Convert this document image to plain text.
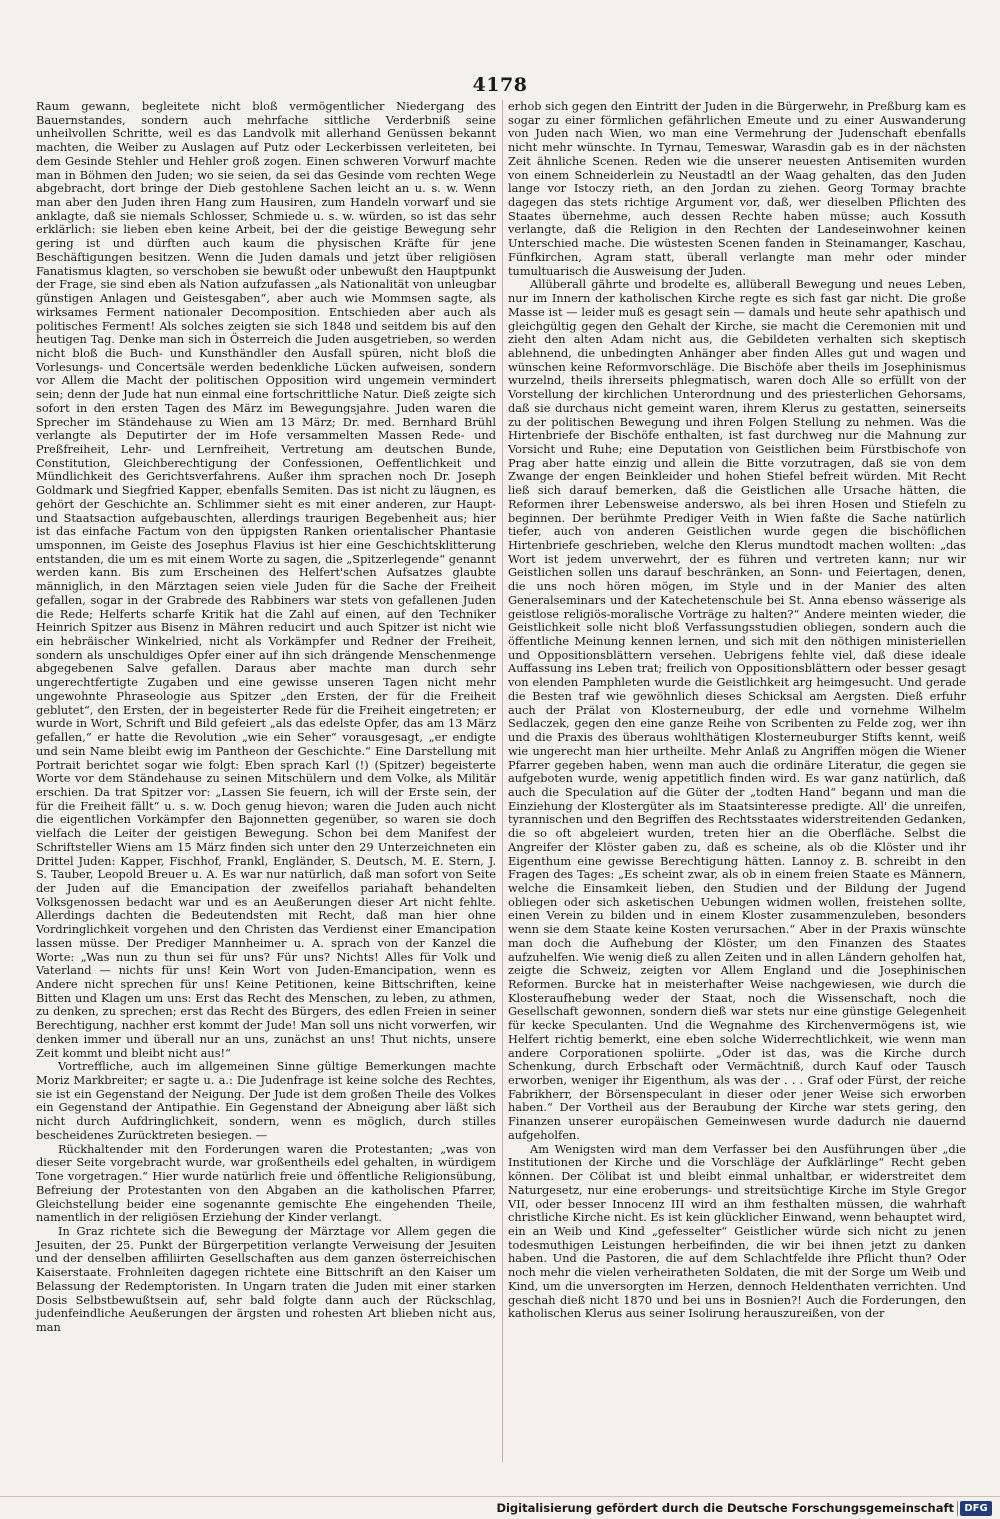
4178

Raum gewann, begleitete nicht bloß vermögentlicher Niedergang des Bauernstandes, sondern auch mehrfache sittliche Verderbniß seine unheilvollen Schritte, weil es das Landvolk mit allerhand Genüssen bekannt machten, die Weiber zu Auslagen auf Putz oder Leckerbissen verleiteten, bei dem Gesinde Stehler und Hehler groß zogen. Einen schweren Vorwurf machte man in Böhmen den Juden; wo sie seien, da sei das Gesinde vom rechten Wege abgebracht, dort bringe der Dieb gestohlene Sachen leicht an u. s. w. Wenn man aber den Juden ihren Hang zum Hausiren, zum Handeln vorwarf und sie anklagte, daß sie niemals Schlosser, Schmiede u. s. w. würden, so ist das sehr erklärlich: sie lieben eben keine Arbeit, bei der die geistige Bewegung sehr gering ist und dürften auch kaum die physischen Kräfte für jene Beschäftigungen besitzen. Wenn die Juden damals und jetzt über religiösen Fanatismus klagten, so verschoben sie bewußt oder unbewußt den Hauptpunkt der Frage, sie sind eben als Nation aufzufassen „als Nationalität von unleugbar günstigen Anlagen und Geistesgaben“, aber auch wie Mommsen sagte, als wirksames Ferment nationaler Decomposition. Entschieden aber auch als politisches Ferment! Als solches zeigten sie sich 1848 und seitdem bis auf den heutigen Tag. Denke man sich in Österreich die Juden ausgetrieben, so werden nicht bloß die Buch- und Kunsthändler den Ausfall spüren, nicht bloß die Vorlesungs- und Concertsäle werden bedenkliche Lücken aufweisen, sondern vor Allem die Macht der politischen Opposition wird ungemein vermindert sein; denn der Jude hat nun einmal eine fortschrittliche Natur. Dieß zeigte sich sofort in den ersten Tagen des März im Bewegungsjahre. Juden waren die Sprecher im Ständehause zu Wien am 13 März; Dr. med. Bernhard Brühl verlangte als Deputirter der im Hofe versammelten Massen Rede- und Preßfreiheit, Lehr- und Lernfreiheit, Vertretung am deutschen Bunde, Constitution, Gleichberechtigung der Confessionen, Oeffentlichkeit und Mündlichkeit des Gerichtsverfahrens. Außer ihm sprachen noch Dr. Joseph Goldmark und Siegfried Kapper, ebenfalls Semiten. Das ist nicht zu läugnen, es gehört der Geschichte an. Schlimmer sieht es mit einer anderen, zur Haupt- und Staatsaction aufgebauschten, allerdings traurigen Begebenheit aus; hier ist das einfache Factum von den üppigsten Ranken orientalischer Phantasie umsponnen, im Geiste des Josephus Flavius ist hier eine Geschichtsklitterung entstanden, die um es mit einem Worte zu sagen, die „Spitzerlegende“ genannt werden kann. Bis zum Erscheinen des Helfert'schen Aufsatzes glaubte männiglich, in den Märztagen seien viele Juden für die Sache der Freiheit gefallen, sogar in der Grabrede des Rabbiners war stets von gefallenen Juden die Rede; Helferts scharfe Kritik hat die Zahl auf einen, auf den Techniker Heinrich Spitzer aus Bisenz in Mähren reducirt und auch Spitzer ist nicht wie ein hebräischer Winkelried, nicht als Vorkämpfer und Redner der Freiheit, sondern als unschuldiges Opfer einer auf ihn sich drängende Menschenmenge abgegebenen Salve gefallen. Daraus aber machte man durch sehr ungerechtfertigte Zugaben und eine gewisse unseren Tagen nicht mehr ungewohnte Phraseologie aus Spitzer „den Ersten, der für die Freiheit geblutet“, den Ersten, der in begeisterter Rede für die Freiheit eingetreten; er wurde in Wort, Schrift und Bild gefeiert „als das edelste Opfer, das am 13 März gefallen,“ er hatte die Revolution „wie ein Seher“ vorausgesagt, „er endigte und sein Name bleibt ewig im Pantheon der Geschichte.“ Eine Darstellung mit Portrait berichtet sogar wie folgt: Eben sprach Karl (!) (Spitzer) begeisterte Worte vor dem Ständehause zu seinen Mitschülern und dem Volke, als Militär erschien. Da trat Spitzer vor: „Lassen Sie feuern, ich will der Erste sein, der für die Freiheit fällt“ u. s. w. Doch genug hievon; waren die Juden auch nicht die eigentlichen Vorkämpfer den Bajonnetten gegenüber, so waren sie doch vielfach die Leiter der geistigen Bewegung. Schon bei dem Manifest der Schriftsteller Wiens am 15 März finden sich unter den 29 Unterzeichneten ein Drittel Juden: Kapper, Fischhof, Frankl, Engländer, S. Deutsch, M. E. Stern, J. S. Tauber, Leopold Breuer u. A. Es war nur natürlich, daß man sofort von Seite der Juden auf die Emancipation der zweifellos pariahaft behandelten Volksgenossen bedacht war und es an Aeußerungen dieser Art nicht fehlte. Allerdings dachten die Bedeutendsten mit Recht, daß man hier ohne Vordringlichkeit vorgehen und den Christen das Verdienst einer Emancipation lassen müsse. Der Prediger Mannheimer u. A. sprach von der Kanzel die Worte: „Was nun zu thun sei für uns? Für uns? Nichts! Alles für Volk und Vaterland — nichts für uns! Kein Wort von Juden-Emancipation, wenn es Andere nicht sprechen für uns! Keine Petitionen, keine Bittschriften, keine Bitten und Klagen um uns: Erst das Recht des Menschen, zu leben, zu athmen, zu denken, zu sprechen; erst das Recht des Bürgers, des edlen Freien in seiner Berechtigung, nachher erst kommt der Jude! Man soll uns nicht vorwerfen, wir denken immer und überall nur an uns, zunächst an uns! Thut nichts, unsere Zeit kommt und bleibt nicht aus!“

Vortreffliche, auch im allgemeinen Sinne gültige Bemerkungen machte Moriz Markbreiter; er sagte u. a.: Die Judenfrage ist keine solche des Rechtes, sie ist ein Gegenstand der Neigung. Der Jude ist dem großen Theile des Volkes ein Gegenstand der Antipathie. Ein Gegenstand der Abneigung aber läßt sich nicht durch Aufdringlichkeit, sondern, wenn es möglich, durch stilles bescheidenes Zurücktreten besiegen. —

Rückhaltender mit den Forderungen waren die Protestanten; „was von dieser Seite vorgebracht wurde, war großentheils edel gehalten, in würdigem Tone vorgetragen.“ Hier wurde natürlich freie und öffentliche Religionsübung, Befreiung der Protestanten von den Abgaben an die katholischen Pfarrer, Gleichstellung beider eine sogenannte gemischte Ehe eingehenden Theile, namentlich in der religiösen Erziehung der Kinder verlangt.

In Graz richtete sich die Bewegung der Märztage vor Allem gegen die Jesuiten, der 25. Punkt der Bürgerpetition verlangte Verweisung der Jesuiten und der denselben affiliirten Gesellschaften aus dem ganzen österreichischen Kaiserstaate. Frohnleiten dagegen richtete eine Bittschrift an den Kaiser um Belassung der Redemptoristen. In Ungarn traten die Juden mit einer starken Dosis Selbstbewußtsein auf, sehr bald folgte dann auch der Rückschlag, judenfeindliche Aeußerungen der ärgsten und rohesten Art blieben nicht aus, man

erhob sich gegen den Eintritt der Juden in die Bürgerwehr, in Preßburg kam es sogar zu einer förmlichen gefährlichen Emeute und zu einer Auswanderung von Juden nach Wien, wo man eine Vermehrung der Judenschaft ebenfalls nicht mehr wünschte. In Tyrnau, Temeswar, Warasdin gab es in der nächsten Zeit ähnliche Scenen. Reden wie die unserer neuesten Antisemiten wurden von einem Schneiderlein zu Neustadtl an der Waag gehalten, das den Juden lange vor Istoczy rieth, an den Jordan zu ziehen. Georg Tormay brachte dagegen das stets richtige Argument vor, daß, wer dieselben Pflichten des Staates übernehme, auch dessen Rechte haben müsse; auch Kossuth verlangte, daß die Religion in den Rechten der Landeseinwohner keinen Unterschied mache. Die wüstesten Scenen fanden in Steinamanger, Kaschau, Fünfkirchen, Agram statt, überall verlangte man mehr oder minder tumultuarisch die Ausweisung der Juden.

Allüberall gährte und brodelte es, allüberall Bewegung und neues Leben, nur im Innern der katholischen Kirche regte es sich fast gar nicht. Die große Masse ist — leider muß es gesagt sein — damals und heute sehr apathisch und gleichgültig gegen den Gehalt der Kirche, sie macht die Ceremonien mit und zieht den alten Adam nicht aus, die Gebildeten verhalten sich skeptisch ablehnend, die unbedingten Anhänger aber finden Alles gut und wagen und wünschen keine Reformvorschläge. Die Bischöfe aber theils im Josephinismus wurzelnd, theils ihrerseits phlegmatisch, waren doch Alle so erfüllt von der Vorstellung der kirchlichen Unterordnung und des priesterlichen Gehorsams, daß sie durchaus nicht gemeint waren, ihrem Klerus zu gestatten, seinerseits zu der politischen Bewegung und ihren Folgen Stellung zu nehmen. Was die Hirtenbriefe der Bischöfe enthalten, ist fast durchweg nur die Mahnung zur Vorsicht und Ruhe; eine Deputation von Geistlichen beim Fürstbischofe von Prag aber hatte einzig und allein die Bitte vorzutragen, daß sie von dem Zwange der engen Beinkleider und hohen Stiefel befreit würden. Mit Recht ließ sich darauf bemerken, daß die Geistlichen alle Ursache hätten, die Reformen ihrer Lebensweise anderswo, als bei ihren Hosen und Stiefeln zu beginnen. Der berühmte Prediger Veith in Wien faßte die Sache natürlich tiefer, auch von anderen Geistlichen wurde gegen die bischöflichen Hirtenbriefe geschrieben, welche den Klerus mundtodt machen wollten: „das Wort ist jedem unverwehrt, der es führen und vertreten kann; nur wir Geistlichen sollen uns darauf beschränken, an Sonn- und Feiertagen, denen, die uns noch hören mögen, im Style und in der Manier des alten Generalseminars und der Katechetenschule bei St. Anna ebenso wässerige als geistlose religiös-moralische Vorträge zu halten?“ Andere meinten wieder, die Geistlichkeit solle nicht bloß Verfassungsstudien obliegen, sondern auch die öffentliche Meinung kennen lernen, und sich mit den nöthigen ministeriellen und Oppositionsblättern versehen. Uebrigens fehlte viel, daß diese ideale Auffassung ins Leben trat; freilich von Oppositionsblättern oder besser gesagt von elenden Pamphleten wurde die Geistlichkeit arg heimgesucht. Und gerade die Besten traf wie gewöhnlich dieses Schicksal am Aergsten. Dieß erfuhr auch der Prälat von Klosterneuburg, der edle und vornehme Wilhelm Sedlaczek, gegen den eine ganze Reihe von Scribenten zu Felde zog, wer ihn und die Praxis des überaus wohlthätigen Klosterneuburger Stifts kennt, weiß wie ungerecht man hier urtheilte. Mehr Anlaß zu Angriffen mögen die Wiener Pfarrer gegeben haben, wenn man auch die ordinäre Literatur, die gegen sie aufgeboten wurde, wenig appetitlich finden wird. Es war ganz natürlich, daß auch die Speculation auf die Güter der „todten Hand“ begann und man die Einziehung der Klostergüter als im Staatsinteresse predigte. All' die unreifen, tyrannischen und den Begriffen des Rechtsstaates widerstreitenden Gedanken, die so oft abgeleiert wurden, treten hier an die Oberfläche. Selbst die Angreifer der Klöster gaben zu, daß es scheine, als ob die Klöster und ihr Eigenthum eine gewisse Berechtigung hätten. Lannoy z. B. schreibt in den Fragen des Tages: „Es scheint zwar, als ob in einem freien Staate es Männern, welche die Einsamkeit lieben, den Studien und der Bildung der Jugend obliegen oder sich asketischen Uebungen widmen wollen, freistehen sollte, einen Verein zu bilden und in einem Kloster zusammenzuleben, besonders wenn sie dem Staate keine Kosten verursachen.“ Aber in der Praxis wünschte man doch die Aufhebung der Klöster, um den Finanzen des Staates aufzuhelfen. Wie wenig dieß zu allen Zeiten und in allen Ländern geholfen hat, zeigte die Schweiz, zeigten vor Allem England und die Josephinischen Reformen. Burcke hat in meisterhafter Weise nachgewiesen, wie durch die Klosteraufhebung weder der Staat, noch die Wissenschaft, noch die Gesellschaft gewonnen, sondern dieß war stets nur eine günstige Gelegenheit für kecke Speculanten. Und die Wegnahme des Kirchenvermögens ist, wie Helfert richtig bemerkt, eine eben solche Widerrechtlichkeit, wie wenn man andere Corporationen spoliirte. „Oder ist das, was die Kirche durch Schenkung, durch Erbschaft oder Vermächtniß, durch Kauf oder Tausch erworben, weniger ihr Eigenthum, als was der . . . Graf oder Fürst, der reiche Fabrikherr, der Börsenspeculant in dieser oder jener Weise sich erworben haben.“ Der Vortheil aus der Beraubung der Kirche war stets gering, den Finanzen unserer europäischen Gemeinwesen wurde dadurch nie dauernd aufgeholfen.

Am Wenigsten wird man dem Verfasser bei den Ausführungen über „die Institutionen der Kirche und die Vorschläge der Aufklärlinge“ Recht geben können. Der Cölibat ist und bleibt einmal unhaltbar, er widerstreitet dem Naturgesetz, nur eine eroberungs- und streitsüchtige Kirche im Style Gregor VII, oder besser Innocenz III wird an ihm festhalten müssen, die wahrhaft christliche Kirche nicht. Es ist kein glücklicher Einwand, wenn behauptet wird, ein an Weib und Kind „gefesselter“ Geistlicher würde sich nicht zu jenen todesmuthigen Leistungen herbeifinden, die wir bei ihnen jetzt zu danken haben. Und die Pastoren, die auf dem Schlachtfelde ihre Pflicht thun? Oder noch mehr die vielen verheiratheten Soldaten, die mit der Sorge um Weib und Kind, um die unversorgten im Herzen, dennoch Heldenthaten verrichten. Und geschah dieß nicht 1870 und bei uns in Bosnien?! Auch die Forderungen, den katholischen Klerus aus seiner Isolirung herauszureißen, von der

Digitalisierung gefördert durch die Deutsche Forschungsgemeinschaft	DFG
